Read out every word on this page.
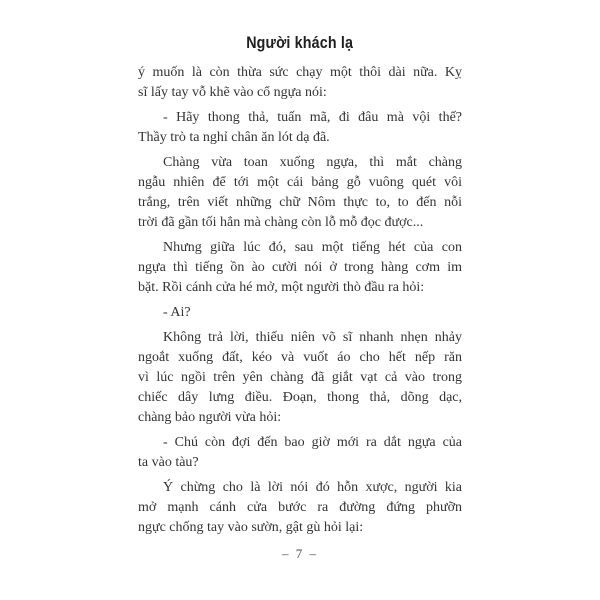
Người khách lạ
ý muốn là còn thừa sức chạy một thôi dài nữa. Kỵ
sĩ lấy tay vỗ khẽ vào cổ ngựa nói:
- Hãy thong thả, tuấn mã, đi đâu mà vội thế?
Thầy trò ta nghỉ chân ăn lót dạ đã.
Chàng vừa toan xuống ngựa, thì mắt chàng
ngẫu nhiên để tới một cái bảng gỗ vuông quét vôi
trắng, trên viết những chữ Nôm thực to, to đến nỗi
trời đã gần tối hẳn mà chàng còn lỗ mỗ đọc được...
Nhưng giữa lúc đó, sau một tiếng hét của con
ngựa thì tiếng ồn ào cười nói ở trong hàng cơm im
bặt. Rồi cánh cửa hé mở, một người thò đầu ra hỏi:
- Ai?
Không trả lời, thiếu niên võ sĩ nhanh nhẹn nhảy
ngoắt xuống đất, kéo và vuốt áo cho hết nếp răn
vì lúc ngồi trên yên chàng đã giắt vạt cả vào trong
chiếc dây lưng điều. Đoạn, thong thả, dõng dạc,
chàng bảo người vừa hỏi:
- Chú còn đợi đến bao giờ mới ra dắt ngựa của
ta vào tàu?
Ý chừng cho là lời nói đó hỗn xược, người kia
mở mạnh cánh cửa bước ra đường đứng phưỡn
ngực chống tay vào sườn, gật gù hỏi lại:
– 7 –
